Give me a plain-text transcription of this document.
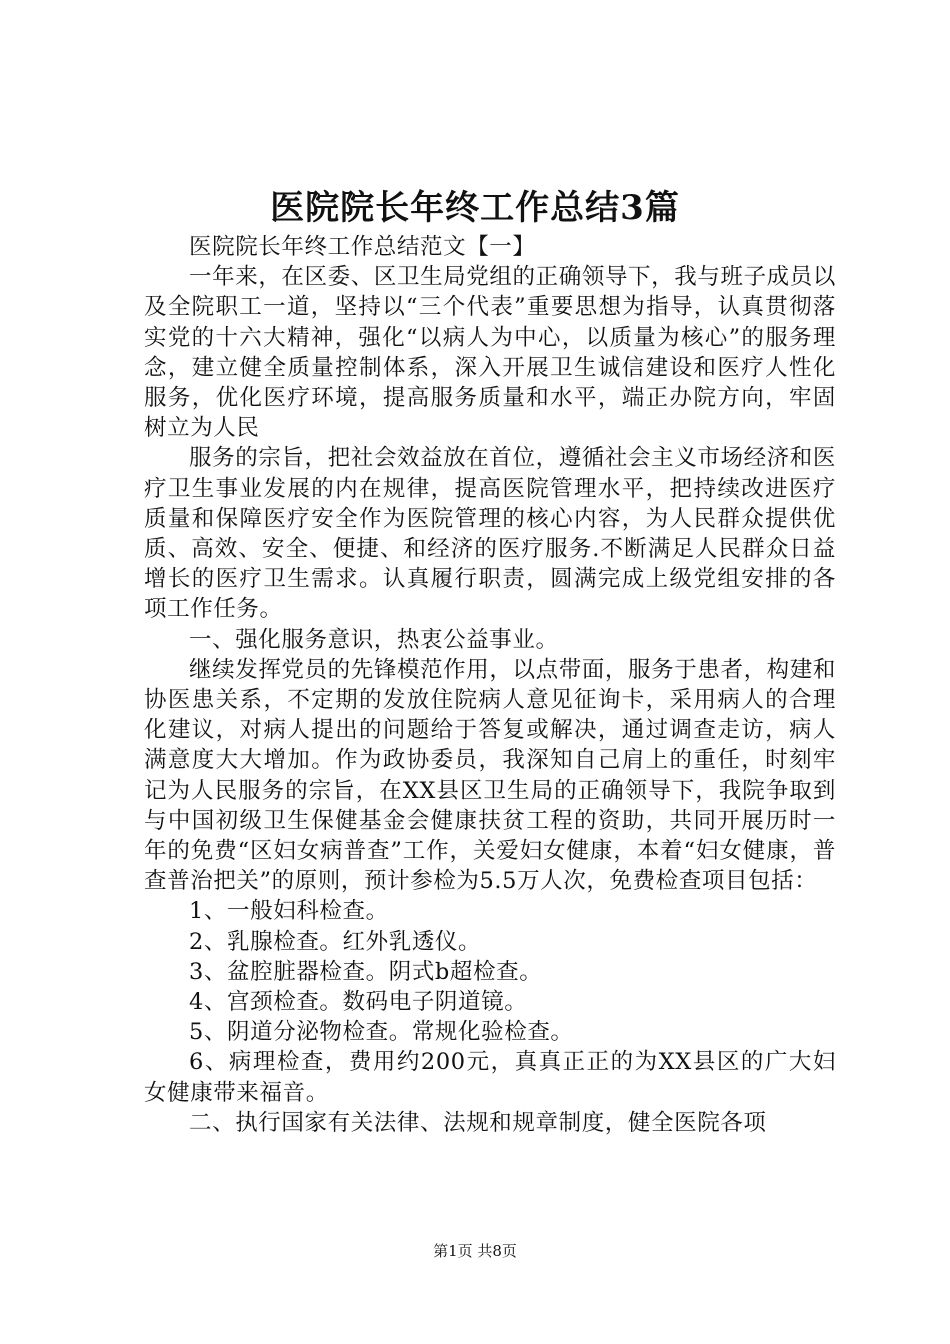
医院院长年终工作总结3篇

医院院长年终工作总结范文【一】

一年来，在区委、区卫生局党组的正确领导下，我与班子成员以及全院职工一道，坚持以“三个代表”重要思想为指导，认真贯彻落实党的十六大精神，强化“以病人为中心，以质量为核心”的服务理念，建立健全质量控制体系，深入开展卫生诚信建设和医疗人性化服务，优化医疗环境，提高服务质量和水平，端正办院方向，牢固树立为人民

服务的宗旨，把社会效益放在首位，遵循社会主义市场经济和医疗卫生事业发展的内在规律，提高医院管理水平，把持续改进医疗质量和保障医疗安全作为医院管理的核心内容，为人民群众提供优质、高效、安全、便捷、和经济的医疗服务.不断满足人民群众日益增长的医疗卫生需求。认真履行职责，圆满完成上级党组安排的各项工作任务。

一、强化服务意识，热衷公益事业。

继续发挥党员的先锋模范作用，以点带面，服务于患者，构建和协医患关系，不定期的发放住院病人意见征询卡，采用病人的合理化建议，对病人提出的问题给于答复或解决，通过调查走访，病人满意度大大增加。作为政协委员，我深知自己肩上的重任，时刻牢记为人民服务的宗旨，在XX县区卫生局的正确领导下，我院争取到与中国初级卫生保健基金会健康扶贫工程的资助，共同开展历时一年的免费“区妇女病普查”工作，关爱妇女健康，本着“妇女健康，普查普治把关”的原则，预计参检为5.5万人次，免费检查项目包括：

1、一般妇科检查。

2、乳腺检查。红外乳透仪。

3、盆腔脏器检查。阴式b超检查。

4、宫颈检查。数码电子阴道镜。

5、阴道分泌物检查。常规化验检查。

6、病理检查，费用约200元，真真正正的为XX县区的广大妇女健康带来福音。

二、执行国家有关法律、法规和规章制度，健全医院各项

第1页 共8页
